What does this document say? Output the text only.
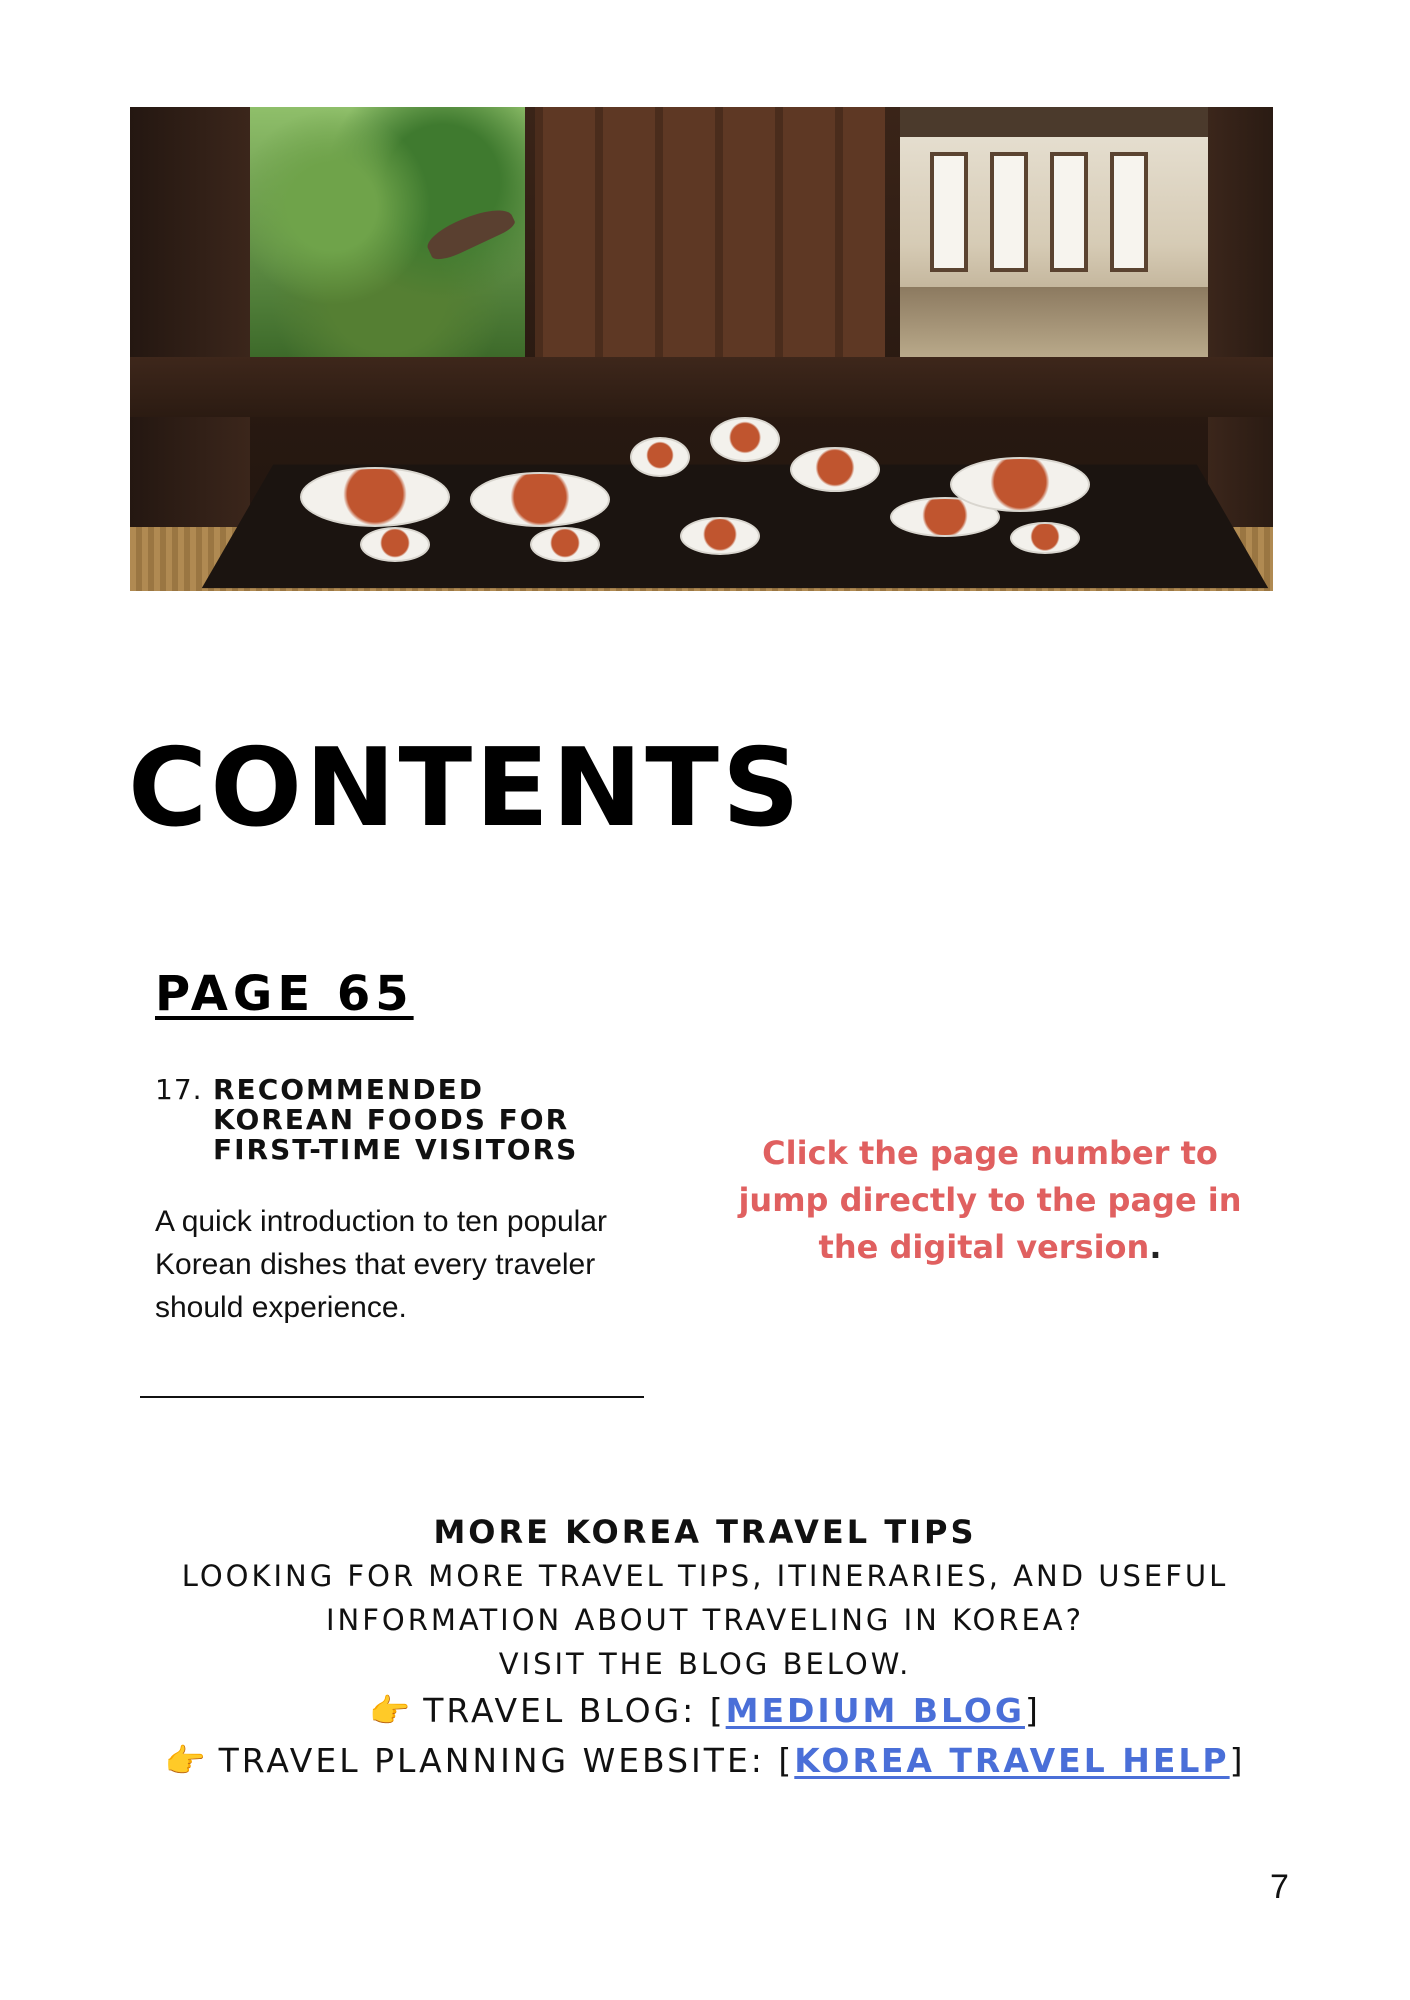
CONTENTS
PAGE 65
17. RECOMMENDED KOREAN FOODS FOR FIRST-TIME VISITORS

A quick introduction to ten popular Korean dishes that every traveler should experience.

Click the page number to jump directly to the page in the digital version.

MORE KOREA TRAVEL TIPS
LOOKING FOR MORE TRAVEL TIPS, ITINERARIES, AND USEFUL
INFORMATION ABOUT TRAVELING IN KOREA?
VISIT THE BLOG BELOW.
👉 TRAVEL BLOG: [MEDIUM BLOG]
👉 TRAVEL PLANNING WEBSITE: [KOREA TRAVEL HELP]
7
